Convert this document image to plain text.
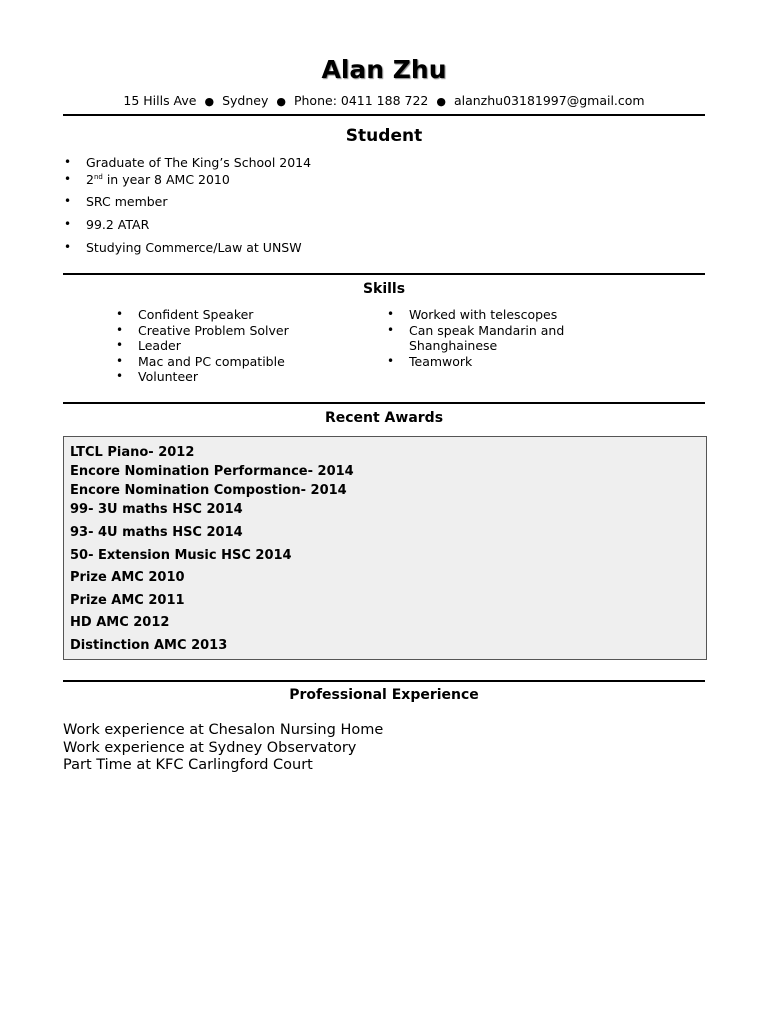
Alan Zhu
15 Hills Ave ● Sydney ● Phone: 0411 188 722 ● alanzhu03181997@gmail.com
Student
• Graduate of The King’s School 2014
• 2nd in year 8 AMC 2010
• SRC member
• 99.2 ATAR
• Studying Commerce/Law at UNSW
Skills
• Confident Speaker
• Creative Problem Solver
• Leader
• Mac and PC compatible
• Volunteer
• Worked with telescopes
• Can speak Mandarin and
Shanghainese
• Teamwork
Recent Awards
LTCL Piano- 2012
Encore Nomination Performance- 2014
Encore Nomination Compostion- 2014
99- 3U maths HSC 2014
93- 4U maths HSC 2014
50- Extension Music HSC 2014
Prize AMC 2010
Prize AMC 2011
HD AMC 2012
Distinction AMC 2013
Professional Experience
Work experience at Chesalon Nursing Home
Work experience at Sydney Observatory
Part Time at KFC Carlingford Court
